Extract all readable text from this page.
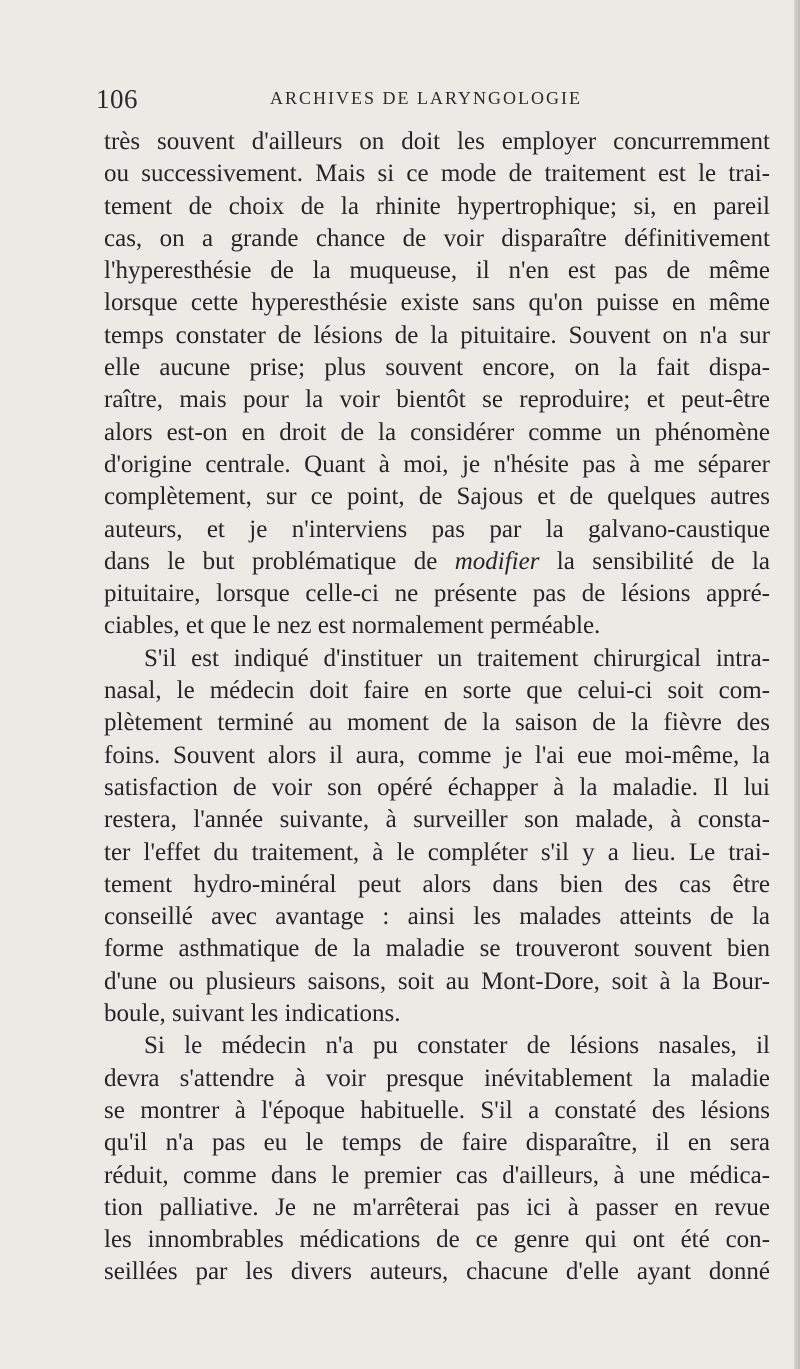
106	ARCHIVES DE LARYNGOLOGIE
très souvent d'ailleurs on doit les employer concurremment
ou successivement. Mais si ce mode de traitement est le trai-
tement de choix de la rhinite hypertrophique; si, en pareil
cas, on a grande chance de voir disparaître définitivement
l'hyperesthésie de la muqueuse, il n'en est pas de même
lorsque cette hyperesthésie existe sans qu'on puisse en même
temps constater de lésions de la pituitaire. Souvent on n'a sur
elle aucune prise; plus souvent encore, on la fait dispa-
raître, mais pour la voir bientôt se reproduire; et peut-être
alors est-on en droit de la considérer comme un phénomène
d'origine centrale. Quant à moi, je n'hésite pas à me séparer
complètement, sur ce point, de Sajous et de quelques autres
auteurs, et je n'interviens pas par la galvano-caustique
dans le but problématique de modifier la sensibilité de la
pituitaire, lorsque celle-ci ne présente pas de lésions appré-
ciables, et que le nez est normalement perméable.
S'il est indiqué d'instituer un traitement chirurgical intra-
nasal, le médecin doit faire en sorte que celui-ci soit com-
plètement terminé au moment de la saison de la fièvre des
foins. Souvent alors il aura, comme je l'ai eue moi-même, la
satisfaction de voir son opéré échapper à la maladie. Il lui
restera, l'année suivante, à surveiller son malade, à consta-
ter l'effet du traitement, à le compléter s'il y a lieu. Le trai-
tement hydro-minéral peut alors dans bien des cas être
conseillé avec avantage : ainsi les malades atteints de la
forme asthmatique de la maladie se trouveront souvent bien
d'une ou plusieurs saisons, soit au Mont-Dore, soit à la Bour-
boule, suivant les indications.
Si le médecin n'a pu constater de lésions nasales, il
devra s'attendre à voir presque inévitablement la maladie
se montrer à l'époque habituelle. S'il a constaté des lésions
qu'il n'a pas eu le temps de faire disparaître, il en sera
réduit, comme dans le premier cas d'ailleurs, à une médica-
tion palliative. Je ne m'arrêterai pas ici à passer en revue
les innombrables médications de ce genre qui ont été con-
seillées par les divers auteurs, chacune d'elle ayant donné
